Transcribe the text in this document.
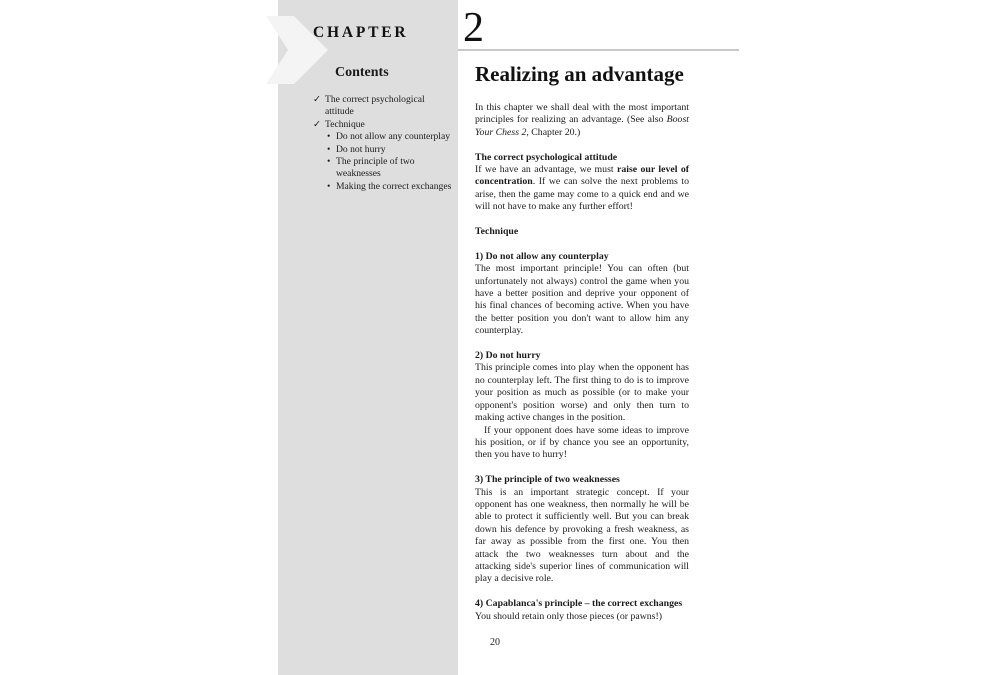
CHAPTER 2
Contents
✓ The correct psychological attitude
✓ Technique
• Do not allow any counterplay
• Do not hurry
• The principle of two weaknesses
• Making the correct exchanges
Realizing an advantage

In this chapter we shall deal with the most important principles for realizing an advantage. (See also Boost Your Chess 2, Chapter 20.)

The correct psychological attitude

If we have an advantage, we must raise our level of concentration. If we can solve the next problems to arise, then the game may come to a quick end and we will not have to make any further effort!

Technique

1) Do not allow any counterplay

The most important principle! You can often (but unfortunately not always) control the game when you have a better position and deprive your opponent of his final chances of becoming active. When you have the better position you don't want to allow him any counterplay.

2) Do not hurry

This principle comes into play when the opponent has no counterplay left. The first thing to do is to improve your position as much as possible (or to make your opponent's position worse) and only then turn to making active changes in the position.

If your opponent does have some ideas to improve his position, or if by chance you see an opportunity, then you have to hurry!

3) The principle of two weaknesses

This is an important strategic concept. If your opponent has one weakness, then normally he will be able to protect it sufficiently well. But you can break down his defence by provoking a fresh weakness, as far away as possible from the first one. You then attack the two weaknesses turn about and the attacking side's superior lines of communication will play a decisive role.

4) Capablanca's principle – the correct exchanges

You should retain only those pieces (or pawns!)

20
